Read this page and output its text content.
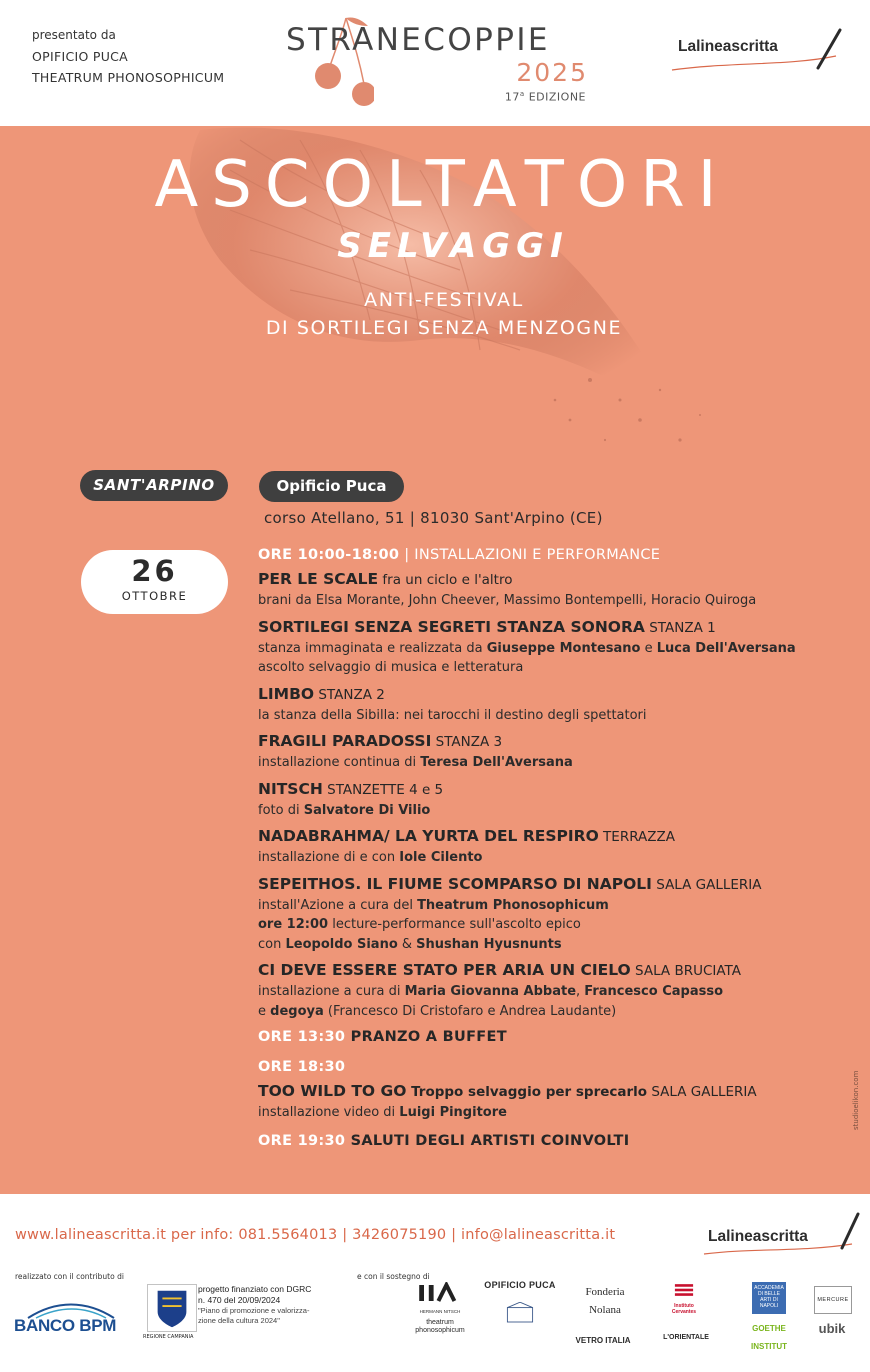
presentato da
OPIFICIO PUCA
THEATRUM PHONOSOPHICUM
STRANECOPPIE
2025
17$^a$ EDIZIONE
Lalineascritta
ASCOLTATORI
SELVAGGI
ANTI-FESTIVAL
DI SORTILEGI SENZA MENZOGNE
SANT'ARPINO	Opificio Puca
corso Atellano, 51 | 81030 Sant'Arpino (CE)
26
OTTOBRE
ORE 10:00-18:00 | INSTALLAZIONI E PERFORMANCE
PER LE SCALE fra un ciclo e l'altro
brani da Elsa Morante, John Cheever, Massimo Bontempelli, Horacio Quiroga
SORTILEGI SENZA SEGRETI STANZA SONORA STANZA 1
stanza immaginata e realizzata da Giuseppe Montesano e Luca Dell'Aversana
ascolto selvaggio di musica e letteratura
LIMBO STANZA 2
la stanza della Sibilla: nei tarocchi il destino degli spettatori
FRAGILI PARADOSSI STANZA 3
installazione continua di Teresa Dell'Aversana
NITSCH STANZETTE 4 e 5
foto di Salvatore Di Vilio
NADABRAHMA/ LA YURTA DEL RESPIRO TERRAZZA
installazione di e con Iole Cilento
SEPEITHOS. IL FIUME SCOMPARSO DI NAPOLI SALA GALLERIA
install'Azione a cura del Theatrum Phonosophicum
ore 12:00 lecture-performance sull'ascolto epico
con Leopoldo Siano & Shushan Hyusnunts
CI DEVE ESSERE STATO PER ARIA UN CIELO SALA BRUCIATA
installazione a cura di Maria Giovanna Abbate, Francesco Capasso
e degoya (Francesco Di Cristofaro e Andrea Laudante)
ORE 13:30 PRANZO A BUFFET
ORE 18:30
TOO WILD TO GO Troppo selvaggio per sprecarlo SALA GALLERIA
installazione video di Luigi Pingitore
ORE 19:30 SALUTI DEGLI ARTISTI COINVOLTI
studioelikon.com
www.lalineascritta.it per info: 081.5564013 | 3426075190 | info@lalineascritta.it	Lalineascritta
realizzato con il contributo di	e con il sostegno di
BANCO BPM
REGIONE CAMPANIA
progetto finanziato con DGRC
n. 470 del 20/09/2024
"Piano di promozione e valorizza-
zione della cultura 2024"
HERMANN NITSCH
theatrum phonosophicum
OPIFICIO PUCA
Fonderia Nolana
VETRO ITALIA
Instituto Cervantes
L'ORIENTALE
ACCADEMIA DI BELLE ARTI DI NAPOLI
GOETHE INSTITUT
MERCURE
ubik
